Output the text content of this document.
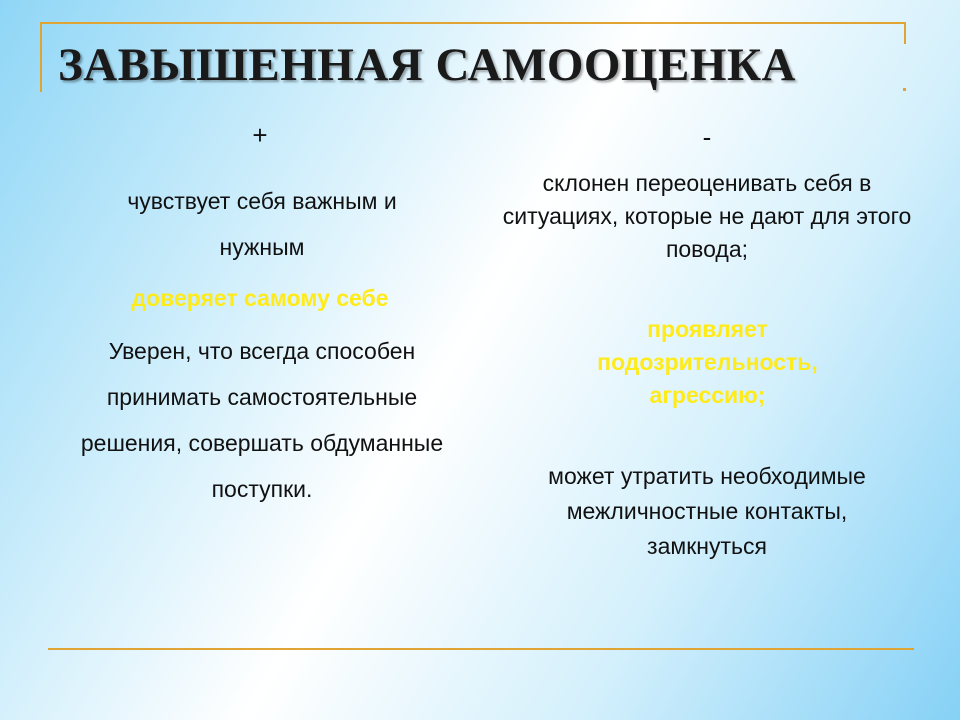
ЗАВЫШЕННАЯ САМООЦЕНКА
+

чувствует себя важным и нужным

доверяет самому себе

Уверен, что всегда способен принимать самостоятельные решения, совершать обдуманные поступки.

-

склонен переоценивать себя в ситуациях, которые не дают для этого повода;

проявляет подозрительность, агрессию;

может утратить необходимые межличностные контакты, замкнуться
